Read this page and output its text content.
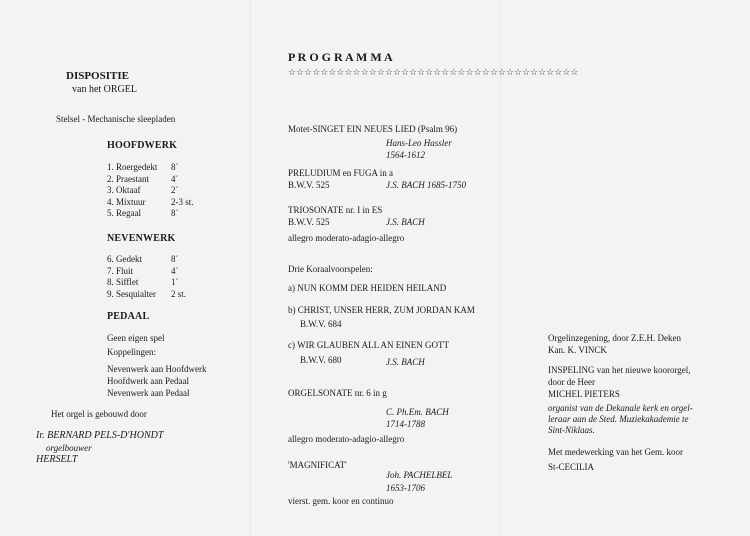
DISPOSITIE
van het ORGEL
Stelsel - Mechanische sleepladen
HOOFDWERK
1. Roergedekt 8´
2. Praestant 4´
3. Oktaaf	2´
4. Mixtuur	2-3 st.
5. Regaal	8´
NEVENWERK
6. Gedekt	8´
7. Fluit	4´
8. Sifflet	1´
9. Sesquialter 2 st.
PEDAAL
Geen eigen spel
Koppelingen:
Nevenwerk aan Hoofdwerk
Hoofdwerk aan Pedaal
Nevenwerk aan Pedaal
Het orgel is gebouwd door
Ir. BERNARD PELS-D'HONDT
orgelbouwer
HERSELT
P R O G R A M M A
☆☆☆☆☆☆☆☆☆☆☆☆☆☆☆☆☆☆☆☆☆☆☆☆☆☆☆☆☆☆☆☆☆☆☆☆
Motet-SINGET EIN NEUES LIED (Psalm 96)
Hans-Leo Hassler
1564-1612
PRELUDIUM en FUGA in a
B.W.V. 525	J.S. BACH 1685-1750
TRIOSONATE nr. I in ES
B.W.V. 525	J.S. BACH
allegro moderato-adagio-allegro
Drie Koraalvoorspelen:
a) NUN KOMM DER HEIDEN HEILAND
b) CHRIST, UNSER HERR, ZUM JORDAN KAM
B.W.V. 684
c) WIR GLAUBEN ALL AN EINEN GOTT
B.W.V. 680	J.S. BACH
ORGELSONATE nr. 6 in g
C. Ph.Em. BACH
1714-1788
allegro moderato-adagio-allegro
'MAGNIFICAT'
Joh. PACHELBEL
1653-1706
vierst. gem. koor en continuo
Orgelinzegening, door Z.E.H. Deken
Kan. K. VINCK
INSPELING van het nieuwe koororgel,
door de Heer
MICHEL PIETERS
organist van de Dekanale kerk en orgel-
leraar aan de Sted. Muziekakademie te
Sint-Niklaas.
Met medewerking van het Gem. koor
St-CECILIA
